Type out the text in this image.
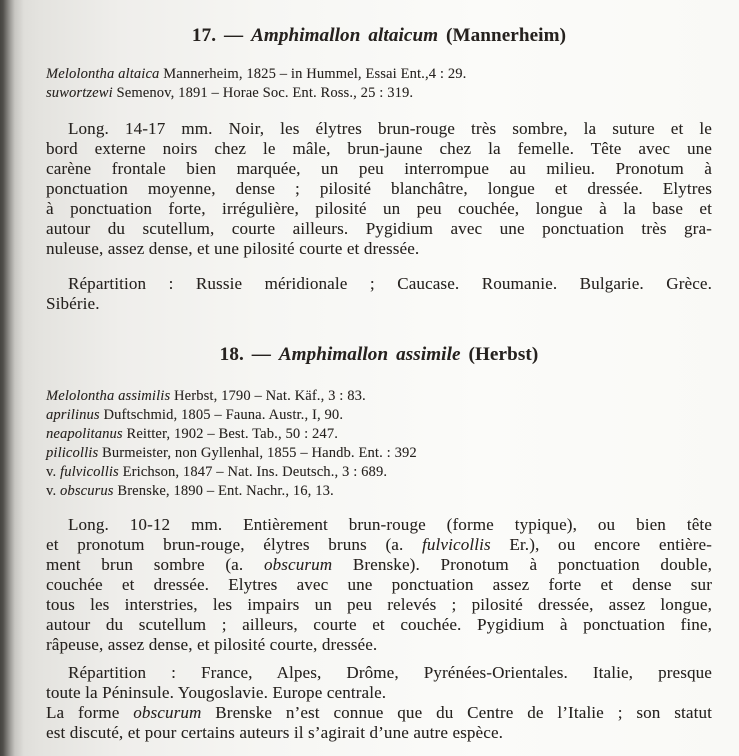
17. — Amphimallon altaicum (Mannerheim)
Melolontha altaica Mannerheim, 1825 – in Hummel, Essai Ent.,4 : 29.
suwortzewi Semenov, 1891 – Horae Soc. Ent. Ross., 25 : 319.
Long. 14-17 mm. Noir, les élytres brun-rouge très sombre, la suture et le
bord externe noirs chez le mâle, brun-jaune chez la femelle. Tête avec une
carène frontale bien marquée, un peu interrompue au milieu. Pronotum à
ponctuation moyenne, dense ; pilosité blanchâtre, longue et dressée. Elytres
à ponctuation forte, irrégulière, pilosité un peu couchée, longue à la base et
autour du scutellum, courte ailleurs. Pygidium avec une ponctuation très gra-
nuleuse, assez dense, et une pilosité courte et dressée.
Répartition : Russie méridionale ; Caucase. Roumanie. Bulgarie. Grèce.
Sibérie.
18. — Amphimallon assimile (Herbst)
Melolontha assimilis Herbst, 1790 – Nat. Käf., 3 : 83.
aprilinus Duftschmid, 1805 – Fauna. Austr., I, 90.
neapolitanus Reitter, 1902 – Best. Tab., 50 : 247.
pilicollis Burmeister, non Gyllenhal, 1855 – Handb. Ent. : 392
v. fulvicollis Erichson, 1847 – Nat. Ins. Deutsch., 3 : 689.
v. obscurus Brenske, 1890 – Ent. Nachr., 16, 13.
Long. 10-12 mm. Entièrement brun-rouge (forme typique), ou bien tête
et pronotum brun-rouge, élytres bruns (a. fulvicollis Er.), ou encore entière-
ment brun sombre (a. obscurum Brenske). Pronotum à ponctuation double,
couchée et dressée. Elytres avec une ponctuation assez forte et dense sur
tous les interstries, les impairs un peu relevés ; pilosité dressée, assez longue,
autour du scutellum ; ailleurs, courte et couchée. Pygidium à ponctuation fine,
râpeuse, assez dense, et pilosité courte, dressée.
Répartition : France, Alpes, Drôme, Pyrénées-Orientales. Italie, presque
toute la Péninsule. Yougoslavie. Europe centrale.
La forme obscurum Brenske n’est connue que du Centre de l’Italie ; son statut
est discuté, et pour certains auteurs il s’agirait d’une autre espèce.
